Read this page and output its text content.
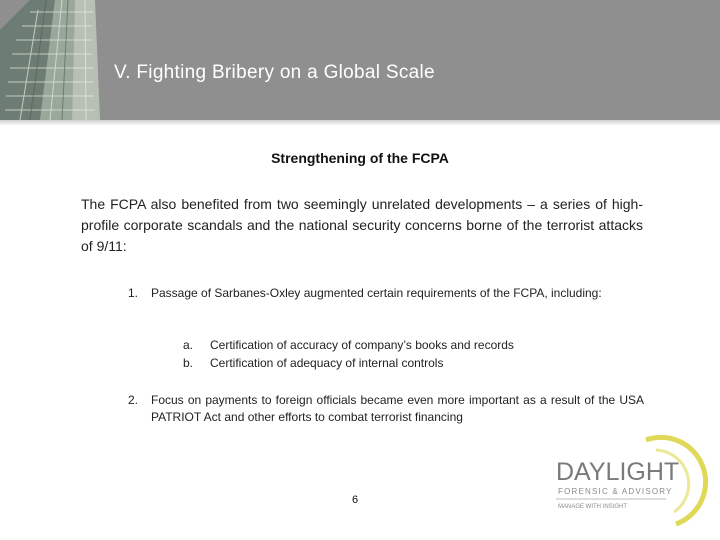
V. Fighting Bribery on a Global Scale
Strengthening of the FCPA
The FCPA also benefited from two seemingly unrelated developments – a series of high-profile corporate scandals and the national security concerns borne of the terrorist attacks of 9/11:
1. Passage of Sarbanes-Oxley augmented certain requirements of the FCPA, including:
a. Certification of accuracy of company’s books and records
b. Certification of adequacy of internal controls
2. Focus on payments to foreign officials became even more important as a result of the USA PATRIOT Act and other efforts to combat terrorist financing
6
DAYLIGHT
FORENSIC & ADVISORY
MANAGE WITH INSIGHT
